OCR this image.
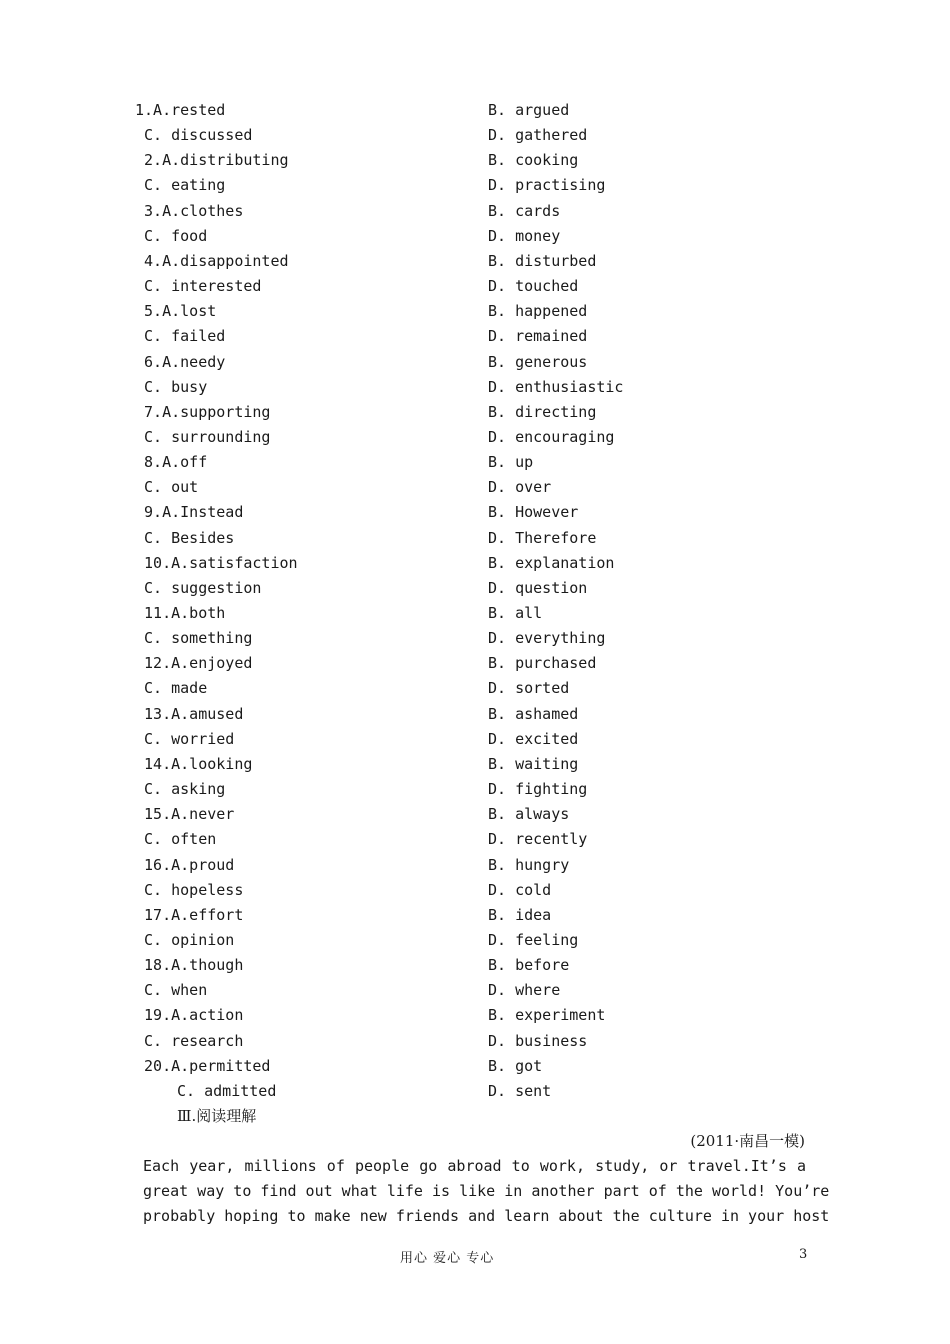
1.A.rested	B. argued
C. discussed	D. gathered
2.A.distributing	B. cooking
C. eating	D. practising
3.A.clothes	B. cards
C. food	D. money
4.A.disappointed	B. disturbed
C. interested	D. touched
5.A.lost	B. happened
C. failed	D. remained
6.A.needy	B. generous
C. busy	D. enthusiastic
7.A.supporting	B. directing
C. surrounding	D. encouraging
8.A.off	B. up
C. out	D. over
9.A.Instead	B. However
C. Besides	D. Therefore
10.A.satisfaction	B. explanation
C. suggestion	D. question
11.A.both	B. all
C. something	D. everything
12.A.enjoyed	B. purchased
C. made	D. sorted
13.A.amused	B. ashamed
C. worried	D. excited
14.A.looking	B. waiting
C. asking	D. fighting
15.A.never	B. always
C. often	D. recently
16.A.proud	B. hungry
C. hopeless	D. cold
17.A.effort	B. idea
C. opinion	D. feeling
18.A.though	B. before
C. when	D. where
19.A.action	B. experiment
C. research	D. business
20.A.permitted	B. got
C. admitted	D. sent
Ⅲ.阅读理解
(2011·南昌一模)
Each year, millions of people go abroad to work, study, or travel.It’s a
great way to find out what life is like in another part of the world! You’re
probably hoping to make new friends and learn about the culture in your host
用心 爱心 专心	3
